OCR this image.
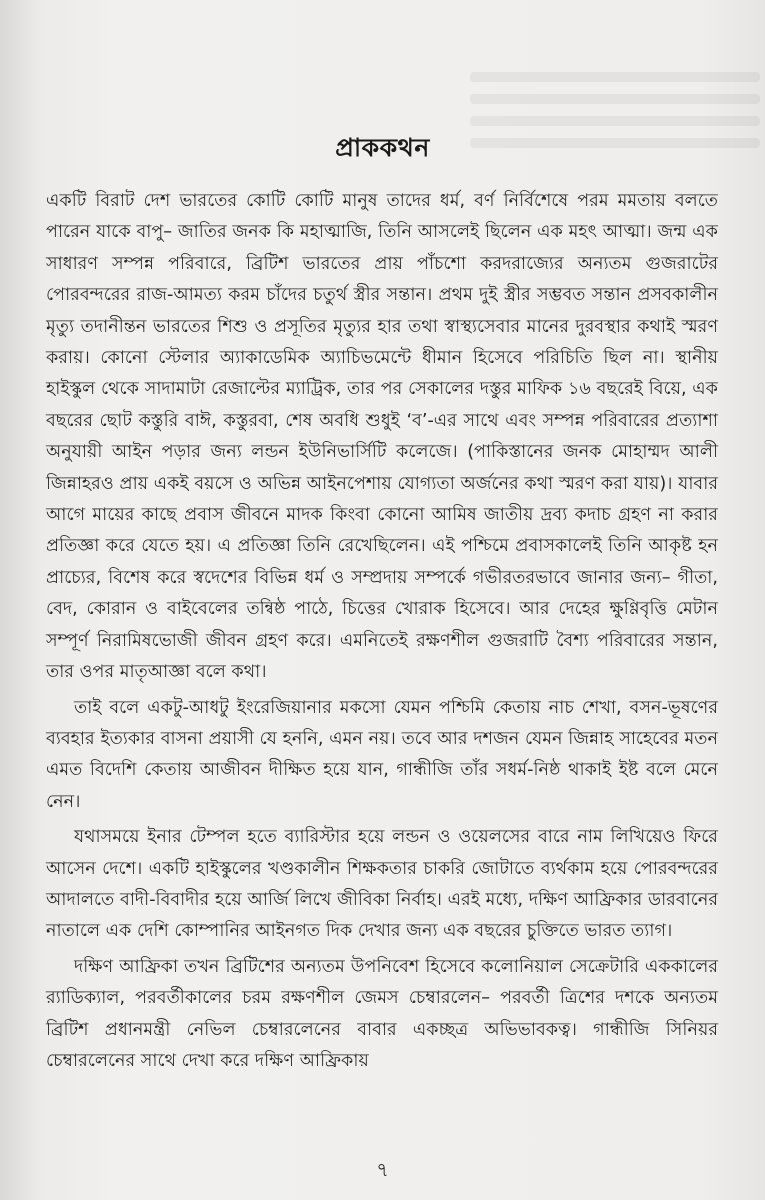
প্রাককথন

একটি বিরাট দেশ ভারতের কোটি কোটি মানুষ তাদের ধর্ম, বর্ণ নির্বিশেষে পরম মমতায় বলতে পারেন যাকে বাপু– জাতির জনক কি মহাত্মাজি, তিনি আসলেই ছিলেন এক মহৎ আত্মা। জন্ম এক সাধারণ সম্পন্ন পরিবারে, ব্রিটিশ ভারতের প্রায় পাঁচশো করদরাজ্যের অন্যতম গুজরাটের পোরবন্দরের রাজ-আমত্য করম চাঁদের চতুর্থ স্ত্রীর সন্তান। প্রথম দুই স্ত্রীর সম্ভবত সন্তান প্রসবকালীন মৃত্যু তদানীন্তন ভারতের শিশু ও প্রসূতির মৃত্যুর হার তথা স্বাস্থ্যসেবার মানের দুরবস্থার কথাই স্মরণ করায়। কোনো স্টেলার অ্যাকাডেমিক অ্যাচিভমেন্টে ধীমান হিসেবে পরিচিতি ছিল না। স্থানীয় হাইস্কুল থেকে সাদামাটা রেজাল্টের ম্যাট্রিক, তার পর সেকালের দস্তুর মাফিক ১৬ বছরেই বিয়ে, এক বছরের ছোট কস্তুরি বাঈ, কস্তুরবা, শেষ অবধি শুধুই ‘ব’-এর সাথে এবং সম্পন্ন পরিবারের প্রত্যাশা অনুযায়ী আইন পড়ার জন্য লন্ডন ইউনিভার্সিটি কলেজে। (পাকিস্তানের জনক মোহাম্মদ আলী জিন্নাহরও প্রায় একই বয়সে ও অভিন্ন আইনপেশায় যোগ্যতা অর্জনের কথা স্মরণ করা যায়)। যাবার আগে মায়ের কাছে প্রবাস জীবনে মাদক কিংবা কোনো আমিষ জাতীয় দ্রব্য কদাচ গ্রহণ না করার প্রতিজ্ঞা করে যেতে হয়। এ প্রতিজ্ঞা তিনি রেখেছিলেন। এই পশ্চিমে প্রবাসকালেই তিনি আকৃষ্ট হন প্রাচ্যের, বিশেষ করে স্বদেশের বিভিন্ন ধর্ম ও সম্প্রদায় সম্পর্কে গভীরতরভাবে জানার জন্য– গীতা, বেদ, কোরান ও বাইবেলের তন্বিষ্ঠ পাঠে, চিত্তের খোরাক হিসেবে। আর দেহের ক্ষুণ্ণিবৃত্তি মেটান সম্পূর্ণ নিরামিষভোজী জীবন গ্রহণ করে। এমনিতেই রক্ষণশীল গুজরাটি বৈশ্য পরিবারের সন্তান, তার ওপর মাতৃআজ্ঞা বলে কথা।

তাই বলে একটু-আধটু ইংরেজিয়ানার মকসো যেমন পশ্চিমি কেতায় নাচ শেখা, বসন-ভূষণের ব্যবহার ইত্যকার বাসনা প্রয়াসী যে হননি, এমন নয়। তবে আর দশজন যেমন জিন্নাহ সাহেবের মতন এমত বিদেশি কেতায় আজীবন দীক্ষিত হয়ে যান, গান্ধীজি তাঁর সধর্ম-নিষ্ঠ থাকাই ইষ্ট বলে মেনে নেন।

যথাসময়ে ইনার টেম্পল হতে ব্যারিস্টার হয়ে লন্ডন ও ওয়েলসের বারে নাম লিখিয়েও ফিরে আসেন দেশে। একটি হাইস্কুলের খণ্ডকালীন শিক্ষকতার চাকরি জোটাতে ব্যর্থকাম হয়ে পোরবন্দরের আদালতে বাদী-বিবাদীর হয়ে আর্জি লিখে জীবিকা নির্বাহ। এরই মধ্যে, দক্ষিণ আফ্রিকার ডারবানের নাতালে এক দেশি কোম্পানির আইনগত দিক দেখার জন্য এক বছরের চুক্তিতে ভারত ত্যাগ।

দক্ষিণ আফ্রিকা তখন ব্রিটিশের অন্যতম উপনিবেশ হিসেবে কলোনিয়াল সেক্রেটারি এককালের র‍্যাডিক্যাল, পরবর্তীকালের চরম রক্ষণশীল জেমস চেম্বারলেন– পরবর্তী ত্রিশের দশকে অন্যতম ব্রিটিশ প্রধানমন্ত্রী নেভিল চেম্বারলেনের বাবার একচ্ছত্র অভিভাবকত্ব। গান্ধীজি সিনিয়র চেম্বারলেনের সাথে দেখা করে দক্ষিণ আফ্রিকায়

৭
